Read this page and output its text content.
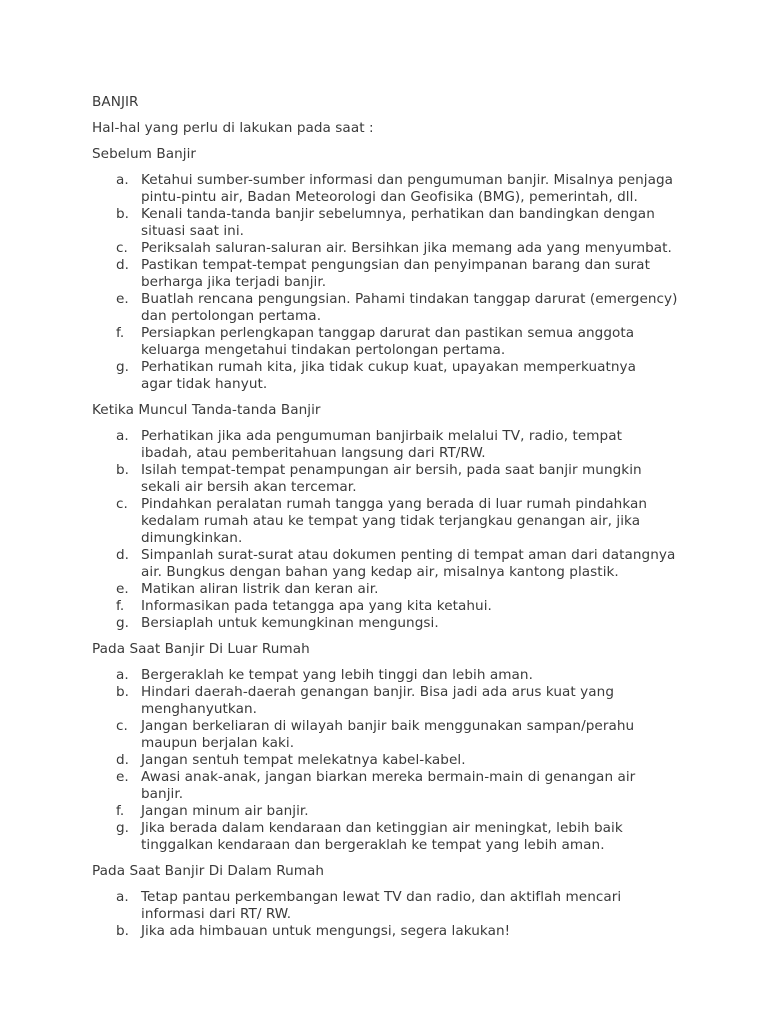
BANJIR
Hal-hal yang perlu di lakukan pada saat :
Sebelum Banjir
a. Ketahui sumber-sumber informasi dan pengumuman banjir. Misalnya penjaga
pintu-pintu air, Badan Meteorologi dan Geofisika (BMG), pemerintah, dll.
b. Kenali tanda-tanda banjir sebelumnya, perhatikan dan bandingkan dengan
situasi saat ini.
c. Periksalah saluran-saluran air. Bersihkan jika memang ada yang menyumbat.
d. Pastikan tempat-tempat pengungsian dan penyimpanan barang dan surat
berharga jika terjadi banjir.
e. Buatlah rencana pengungsian. Pahami tindakan tanggap darurat (emergency)
dan pertolongan pertama.
f. Persiapkan perlengkapan tanggap darurat dan pastikan semua anggota
keluarga mengetahui tindakan pertolongan pertama.
g. Perhatikan rumah kita, jika tidak cukup kuat, upayakan memperkuatnya
agar tidak hanyut.
Ketika Muncul Tanda-tanda Banjir
a. Perhatikan jika ada pengumuman banjirbaik melalui TV, radio, tempat
ibadah, atau pemberitahuan langsung dari RT/RW.
b. Isilah tempat-tempat penampungan air bersih, pada saat banjir mungkin
sekali air bersih akan tercemar.
c. Pindahkan peralatan rumah tangga yang berada di luar rumah pindahkan
kedalam rumah atau ke tempat yang tidak terjangkau genangan air, jika
dimungkinkan.
d. Simpanlah surat-surat atau dokumen penting di tempat aman dari datangnya
air. Bungkus dengan bahan yang kedap air, misalnya kantong plastik.
e. Matikan aliran listrik dan keran air.
f. Informasikan pada tetangga apa yang kita ketahui.
g. Bersiaplah untuk kemungkinan mengungsi.
Pada Saat Banjir Di Luar Rumah
a. Bergeraklah ke tempat yang lebih tinggi dan lebih aman.
b. Hindari daerah-daerah genangan banjir. Bisa jadi ada arus kuat yang
menghanyutkan.
c. Jangan berkeliaran di wilayah banjir baik menggunakan sampan/perahu
maupun berjalan kaki.
d. Jangan sentuh tempat melekatnya kabel-kabel.
e. Awasi anak-anak, jangan biarkan mereka bermain-main di genangan air
banjir.
f. Jangan minum air banjir.
g. Jika berada dalam kendaraan dan ketinggian air meningkat, lebih baik
tinggalkan kendaraan dan bergeraklah ke tempat yang lebih aman.
Pada Saat Banjir Di Dalam Rumah
a. Tetap pantau perkembangan lewat TV dan radio, dan aktiflah mencari
informasi dari RT/ RW.
b. Jika ada himbauan untuk mengungsi, segera lakukan!
